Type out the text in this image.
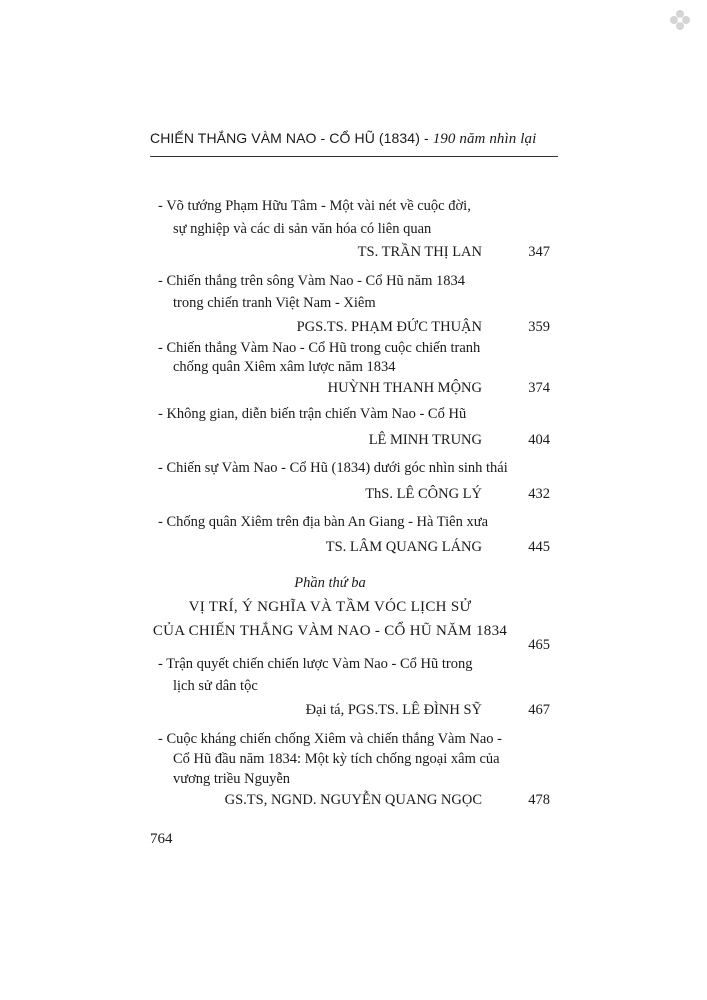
CHIẾN THẮNG VÀM NAO - CỔ HŨ (1834) - 190 năm nhìn lại
- Võ tướng Phạm Hữu Tâm - Một vài nét về cuộc đời,
sự nghiệp và các di sản văn hóa có liên quan
TS. TRẦN THỊ LAN	347
- Chiến thắng trên sông Vàm Nao - Cổ Hũ năm 1834
trong chiến tranh Việt Nam - Xiêm
PGS.TS. PHẠM ĐỨC THUẬN	359
- Chiến thắng Vàm Nao - Cổ Hũ trong cuộc chiến tranh
chống quân Xiêm xâm lược năm 1834
HUỲNH THANH MỘNG	374
- Không gian, diễn biến trận chiến Vàm Nao - Cổ Hũ
LÊ MINH TRUNG	404
- Chiến sự Vàm Nao - Cổ Hũ (1834) dưới góc nhìn sinh thái
ThS. LÊ CÔNG LÝ	432
- Chống quân Xiêm trên địa bàn An Giang - Hà Tiên xưa
TS. LÂM QUANG LÁNG	445
Phần thứ ba
VỊ TRÍ, Ý NGHĨA VÀ TẦM VÓC LỊCH SỬ
CỦA CHIẾN THẮNG VÀM NAO - CỔ HŨ NĂM 1834
465
- Trận quyết chiến chiến lược Vàm Nao - Cổ Hũ trong
lịch sử dân tộc
Đại tá, PGS.TS. LÊ ĐÌNH SỸ	467
- Cuộc kháng chiến chống Xiêm và chiến thắng Vàm Nao -
Cổ Hũ đầu năm 1834: Một kỳ tích chống ngoại xâm của
vương triều Nguyễn
GS.TS, NGND. NGUYỄN QUANG NGỌC	478
764
